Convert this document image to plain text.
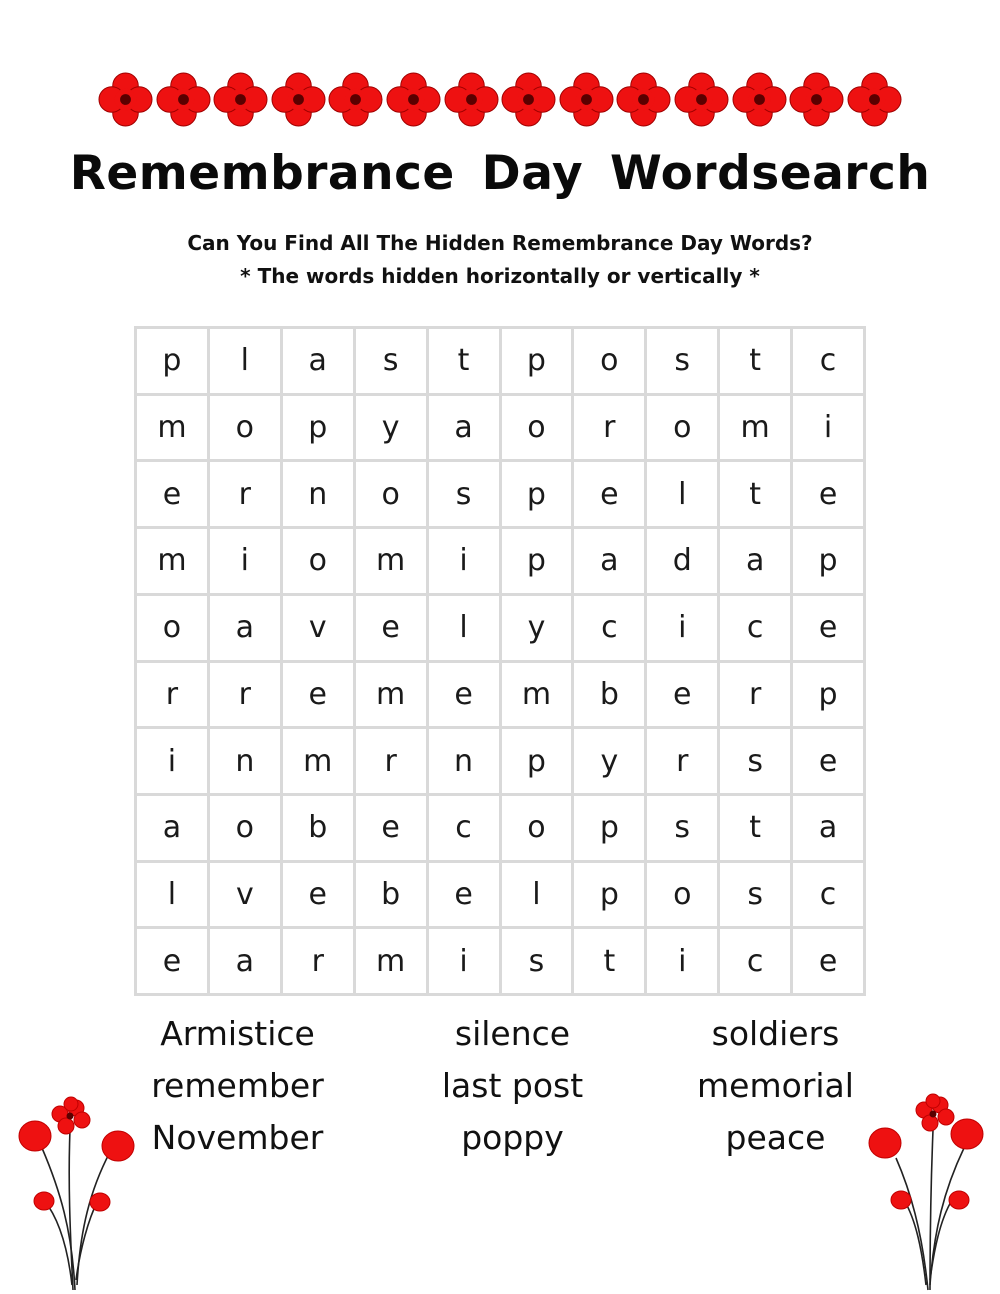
Remembrance Day Wordsearch
Can You Find All The Hidden Remembrance Day Words?
* The words hidden horizontally or vertically *
p	l	a	s	t	p	o	s	t	c
m	o	p	y	a	o	r	o	m	i
e	r	n	o	s	p	e	l	t	e
m	i	o	m	i	p	a	d	a	p
o	a	v	e	l	y	c	i	c	e
r	r	e	m	e	m	b	e	r	p
i	n	m	r	n	p	y	r	s	e
a	o	b	e	c	o	p	s	t	a
l	v	e	b	e	l	p	o	s	c
e	a	r	m	i	s	t	i	c	e
Armistice
remember
November
silence
last post
poppy
soldiers
memorial
peace
